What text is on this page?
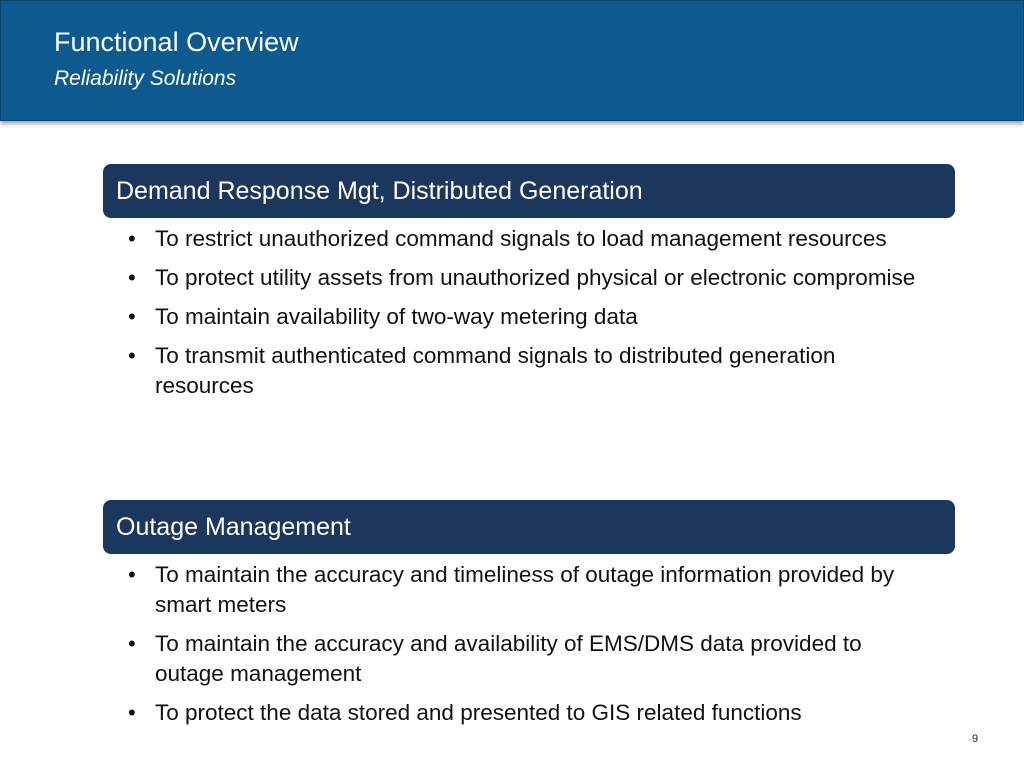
Functional Overview
Reliability Solutions
Demand Response Mgt, Distributed Generation
• To restrict unauthorized command signals to load management resources
• To protect utility assets from unauthorized physical or electronic compromise
• To maintain availability of two-way metering data
• To transmit authenticated command signals to distributed generation resources
Outage Management
• To maintain the accuracy and timeliness of outage information provided by smart meters
• To maintain the accuracy and availability of EMS/DMS data provided to outage management
• To protect the data stored and presented to GIS related functions
9
